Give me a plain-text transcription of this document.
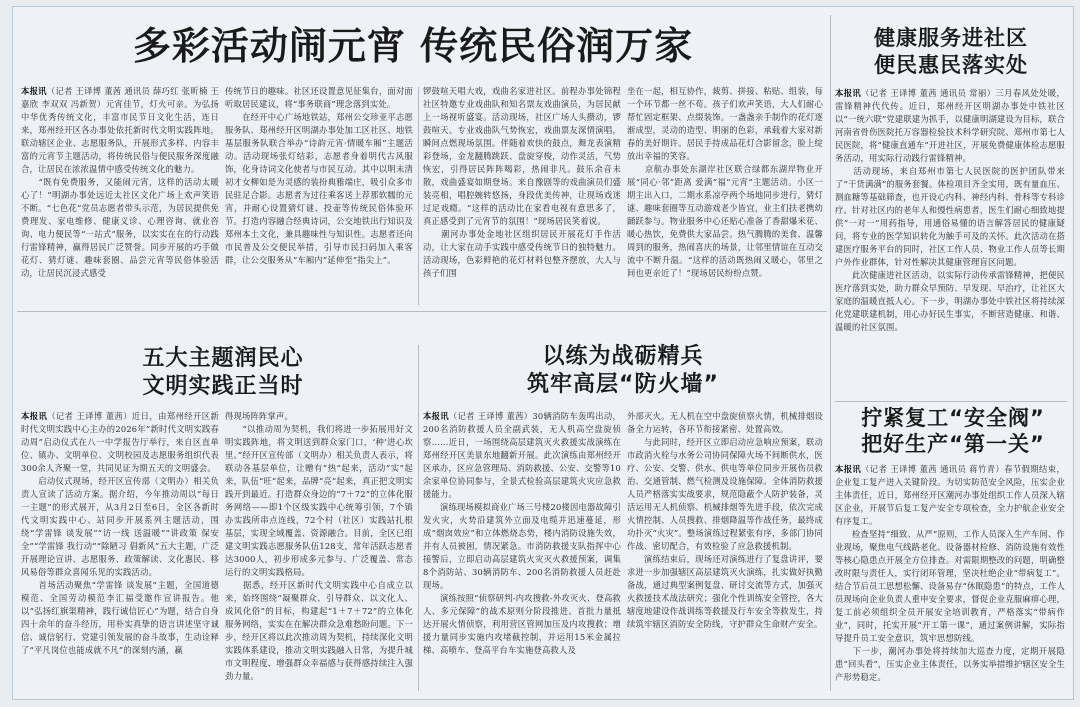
多彩活动闹元宵 传统民俗润万家	健康服务进社区
便民惠民落实处
本报讯（记者 王译博 董茜 通讯员 薛巧红 张昕楠 王嘉欣 李双双 冯新贺）元宵佳节，灯火可亲。为弘扬中华优秀传统文化，丰富市民节日文化生活，连日来，郑州经开区各办事处依托新时代文明实践阵地，联动辖区企业、志愿服务队，开展形式多样、内容丰富的元宵节主题活动，将传统民俗与便民服务深度融合，让居民在浓浓温情中感受传统文化的魅力。
　　“既有免费服务，又能闹元宵，这样的活动太暖心了！”明湖办事处远近太社区文化广场上欢声笑语不断。“七色花”党员志愿者带头示范，为居民提供免费理发、家电维修、健康义诊、心理咨询、就业咨询、电力便民等“一站式”服务，以实实在在的行动践行雷锋精神，赢得居民广泛赞誉。同步开展的巧手做花灯、猜灯谜、趣味套圈、品尝元宵等民俗体验活动，让居民沉浸式感受
传统节日的趣味。社区还设置意见征集台，面对面听取居民建议，将“事务联商”理念落到实处。
　　在经开中心广场地铁站，郑州公交珍亚平志愿服务队、郑州经开区明湖办事处加工区社区、地铁基层服务队联合举办“诗韵元宵·情暖车厢”主题活动。活动现场张灯结彩，志愿者身着明代古风服饰，化身诗词文化使者与市民互动。其中以明末清初才女柳如是为灵感的装扮典雅端庄，吸引众多市民驻足合影。志愿者为过往乘客送上荐那软糯的元宵，并耐心设置猜灯谜、投壶等传统民俗体验环节。打造内容融合经典诗词，公交地铁出行知识及郑州本土文化，兼具趣味性与知识性。志愿者还向市民普及公交便民举措，引导市民扫码加入乘客群，让公交服务从“车厢内”延伸至“指尖上”。
锣鼓喧天唱大戏，戏曲名家进社区。前程办事处锦程社区特邀专业戏曲队和知名票友戏曲演员，为居民献上一场视听盛宴。活动现场，社区广场人头攒动，锣鼓喧天。专业戏曲队气势恢宏，戏曲票友深情演唱，瞬间点燃现场氛围。伴随着欢快的鼓点，舞龙表演精彩登场，金龙翻腾跳跃、盘旋穿梭，动作灵活，气势恢宏，引得居民阵阵喝彩，热闹非凡。鼓乐余音未散，戏曲盛宴如期登场。来自豫剧等的戏曲演员们盛装亮相，唱腔婉转悠扬，身段优美传神，让现场戏迷过足戏瘾。“这样的活动比在家看电视有意思多了，真正感受到了元宵节的氛围！”现场居民笑着说。
　　潮河办事处金地社区组织居民开展花灯手作活动，让大家在动手实践中感受传统节日的独特魅力。活动现场，色彩鲜艳的花灯材料包整齐摆放，大人与孩子们围
坐在一起，相互协作，裁剪、拼接、粘贴、组装，每一个环节都一丝不苟。孩子们欢声笑语，大人们耐心帮忙固定框架、点缀装饰。一盏盏亲手制作的花灯逐渐成型，灵动的造型、明丽的色彩，承载着大家对新春的美好期许。居民手持成品花灯合影留念，脸上绽放出幸福的笑容。
　　京航办事处东湖岸社区联合绿都东湖岸物业开展“同心·邻”距离 爱满“福”元宵”主题活动。小区一期主出入口，二期水系凉亭两个场地同步进行，猜灯谜、趣味套圈等互动游戏老少皆宜，业主们扶老携幼踊跃参与。物业服务中心还贴心准备了香甜爆米花、暖心热饮，免费供大家品尝。热气腾腾的美食、温馨周到的服务，热闹喜庆的场景，让邻里情谊在互动交流中不断升温。“这样的活动既热闹又暖心，邻里之间也更亲近了！”现场居民纷纷点赞。
本报讯（记者 王译博 董茜 通讯员 常丽）三月春风处处暖，雷锋精神代代传。近日，郑州经开区明湖办事处中铁社区以“一统六联”党建联建为抓手，以健康明湖建设为目标，联合河南省骨伤医院托万容器检验技术科学研究院、郑州市第七人民医院，将“健康直通车”开进社区，开展免费健康体检志愿服务活动，用实际行动践行雷锋精神。
　　活动现场，来自郑州市第七人民医院的医护团队带来了“干货满满”的服务套餐。体检项目齐全实用，既有量血压、测血糖等基础筛查，也开设心内科、神经内科、骨科等专科诊疗。针对社区内的老年人和慢性病患者，医生们耐心细致地提供“一对一”用药指导，用通俗易懂的语言解答居民的健康疑问，将专业的医学知识转化为触手可及的关怀。此次活动在搭建医疗服务平台的同时，社区工作人员、物业工作人员等长期户外作业群体，针对性解决其健康管理盲区问题。
　　此次健康进社区活动，以实际行动传承雷锋精神，把便民医疗落到实处，助力群众早预防、早发现、早治疗，让社区大家庭的温暖直抵人心。下一步，明湖办事处中铁社区将持续深化党建联建机制，用心办好民生事实，不断营造健康、和谐、温暖的社区氛围。
五大主题润民心
文明实践正当时
以练为战砺精兵
筑牢高层“防火墙”
本报讯（记者 王译博 董茜）近日，由郑州经开区新时代文明实践中心主办的2026年“新时代文明实践春动周”启动仪式在八一中学报告厅举行，来自区直单位、镇办、文明单位、文明校园及志愿服务组织代表300余人齐聚一堂，共同见证为期五天的文明盛会。
　　启动仪式现场，经开区宣传部（文明办）相关负责人宣读了活动方案。据介绍，今年推动周以“每日一主题”的形式展开，从3月2日至6日，全区各新时代文明实践中心、站同步开展系列主题活动，围绕“学雷锋 谈发展”“访一线 送温暖”“讲政策 保安全”“学雷锋 我行动”“除陋习 倡新风”五大主题，广泛开展理论宣讲、志愿服务、政策解读、文化惠民、移风易俗等群众喜闻乐见的实践活动。
　　首场活动聚焦“学雷锋 谈发展”主题，全国道德模范、全国劳动模范李汇福受邀作宣讲报告。他以“弘扬红旗渠精神，践行诚信匠心”为题，结合自身四十余年的奋斗经历，用朴实真挚的语言讲述坚守诚信、诚信躬行、党建引领发展的奋斗故事，生动诠释了“平凡岗位也能成就不凡”的深刻内涵，赢
得现场阵阵掌声。
　　“以推动周为契机，我们将进一步拓展用好文明实践阵地，将文明送到群众家门口，‘种’进心坎里。”经开区宣传部（文明办）相关负责人表示，将联动各基层单位，让赠有“热”起来，活动“实”起来，队伍“旺”起来，品牌“亮”起来，真正把文明实践开到最近。打造群众身边的“7＋72”的立体化服务网络——即1个区级实践中心统筹引领，7个镇办实践所串点连线，72个村（社区）实践站扎根基层，实现全域覆盖、资源融合。目前，全区已组建文明实践志愿服务队伍128支，常年活跃志愿者达3000人，初步形成多元参与、广泛覆盖、常态运行的文明实践格局。
　　据悉，经开区新时代文明实践中心自成立以来，始终围绕“凝聚群众、引导群众、以文化人、成风化俗”的目标，构建起“1＋7＋72”的立体化服务网络，实实在在解决群众急难愁盼问题。下一步，经开区将以此次推动周为契机，持续深化文明实践体系建设，推动文明实践融入日常，为提升城市文明程度、增强群众幸福感与获得感持续注入强劲力量。
本报讯（记者 王译博 董茜）30辆消防车轰鸣出动，200名消防救援人员全副武装，无人机高空盘旋侦察……近日，一场围绕高层建筑灭火救援实战演练在郑州经开区美景东地翻新开展。此次演练由郑州经开区承办，区应急管理局、消防救援、公安、交警等10余家单位协同参与，全景式检验高层建筑火灾应急救援能力。
　　演练现场模拟商业广场三号楼20楼因电器故障引发火灾，火势沿建筑外立面及电缆井迅速蔓延，形成“烟囱效应”和立体燃烧态势，楼内消防设施失效，并有人员被困，情况紧急。市消防救援支队指挥中心接警后，立即启动高层建筑火灾灭火救援预案，调集8个消防站、30辆消防车、200名消防救援人员赶赴现场。
　　演练按照“侦察研判-内攻搜救-外攻灭火、登高救人、多元保障”的战术原则分阶段推进。首批力量抵达开展火情侦察，利用营区管网加压及内攻搜救；增援力量同步实施内攻堵截控制，并运用15米金属拉梯、高喷车、登高平台车实施登高救人及
外部灭火。无人机在空中盘旋侦察火情，机械排烟设备全力运转，各环节衔接紧密、处置高效。
　　与此同时，经开区立即启动应急响应预案，联动市政消火栓与水务公司协同保障火场不间断供水，医疗、公安、交警、供水、供电等单位同步开展伤员救治、交通管制、燃气检测及设施保障。全体消防救援人员严格落实实战要求，规范隐蔽个人防护装备，灵活运用无人机侦察、机械排烟等先进手段，依次完成火情控制、人员搜救、排烟降温等作战任务，最终成功扑灭“火灾”。整场演练过程紧张有序，多部门协同作战、密切配合，有效检验了应急救援机制。
　　演练结束后，现场还对演练进行了复盘讲评，要求进一步加强辖区高层建筑灭火演练，扎实做好执勤备战，通过典型案例复盘、研讨交流等方式，加强灭火救援技术战法研究；强化个性训练安全管控，各大辖度地建设作战训练等救援及行车安全等救发生，持续筑牢辖区消防安全防线，守护群众生命财产安全。
拧紧复工“安全阀”
把好生产“第一关”
本报讯（记者 王译博 董茜 通讯员 蒋竹青）春节假期结束，企业复工复产进入关键阶段。为切实防范安全风险，压实企业主体责任，近日，郑州经开区潮河办事处组织工作人员深入辖区企业，开展节后复工复产安全专项检查，全力护航企业安全有序复工。
　　检查坚持“细致、从严”原则，工作人员深入生产车间、作业现场，聚焦电气线路老化、设备器材检修、消防设施有效性等核心隐患点开展全方位排查。对需限期整改的问题，明确整改时限与责任人，实行闭环管理，坚决杜绝企业“带病复工”。结合节后员工思想松懈、设备易存“休眠隐患”的特点，工作人员现场向企业负责人重申安全要求，督促企业克服麻痹心理，复工前必须组织全员开展安全培训教育，严格落实“带病作业”，同时，托实开展“开工第一课”，通过案例讲解，实际指导提升员工安全意识，筑牢思想防线。
　　下一步，潮河办事处将持续加大巡查力度，定期开展隐患“回头看”，压实企业主体责任，以务实举措维护辖区安全生产形势稳定。
